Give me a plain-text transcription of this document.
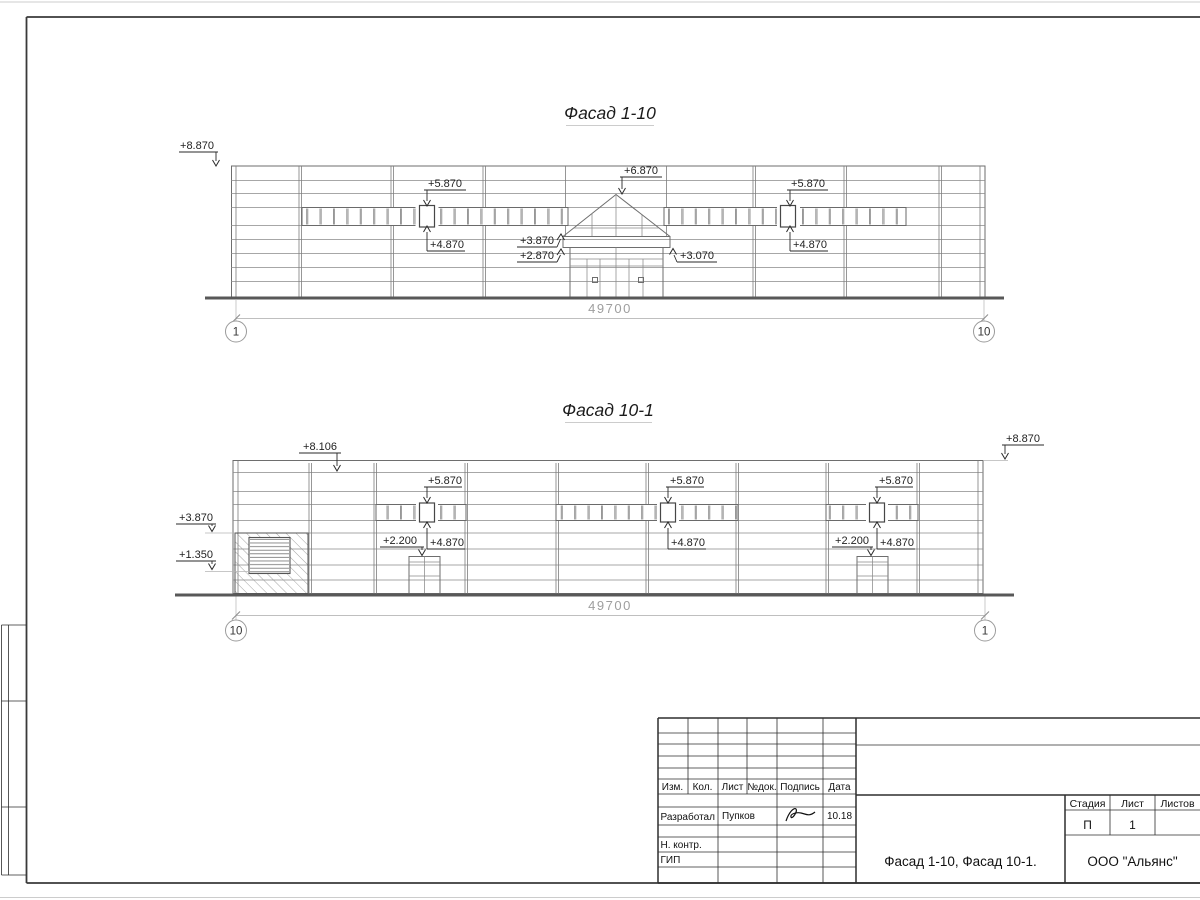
Фасад 1-10
49700
1	10
+8.870
+5.870
+4.870
+6.870
+5.870
+4.870
+3.870
+2.870	+3.070
Фасад 10-1
49700
10	1
+8.106
+8.870
+3.870
+1.350
+5.870	+5.870	+5.870
+4.870	+4.870	+4.870
+2.200	+2.200
Изм. Кол. Лист №док. Подпись Дата
Разработал Пупков	10.18
Н. контр.
ГИП
Стадия Лист Листов
П	1
Фасад 1-10, Фасад 10-1.	ООО "Альянс"
